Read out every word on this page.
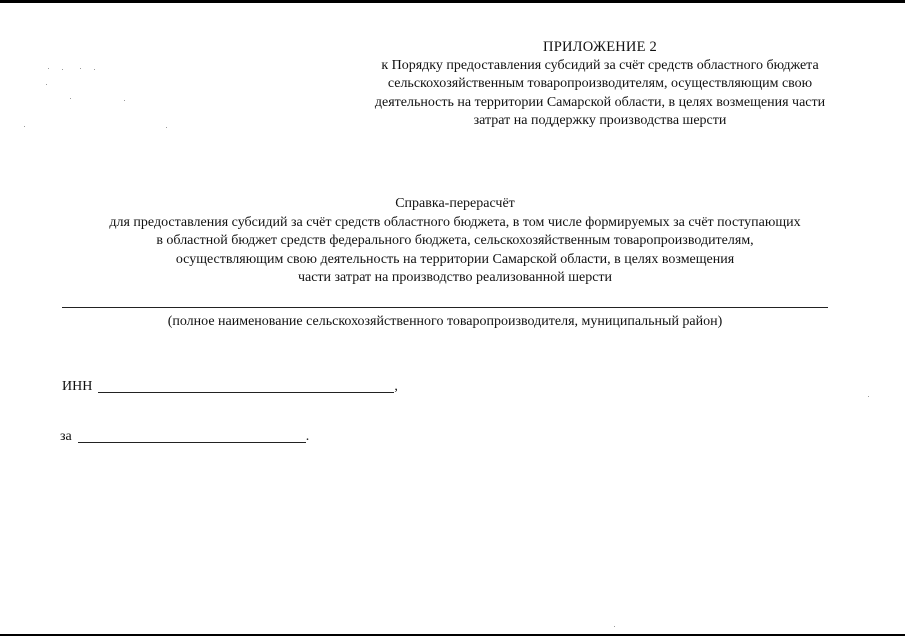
ПРИЛОЖЕНИЕ 2
к Порядку предоставления субсидий за счёт средств областного бюджета
сельскохозяйственным товаропроизводителям, осуществляющим свою
деятельность на территории Самарской области, в целях возмещения части
затрат на поддержку производства шерсти
Справка-перерасчёт
для предоставления субсидий за счёт средств областного бюджета, в том числе формируемых за счёт поступающих
в областной бюджет средств федерального бюджета, сельскохозяйственным товаропроизводителям,
осуществляющим свою деятельность на территории Самарской области, в целях возмещения
части затрат на производство реализованной шерсти
(полное наименование сельскохозяйственного товаропроизводителя, муниципальный район)
ИНН	,
за	.
